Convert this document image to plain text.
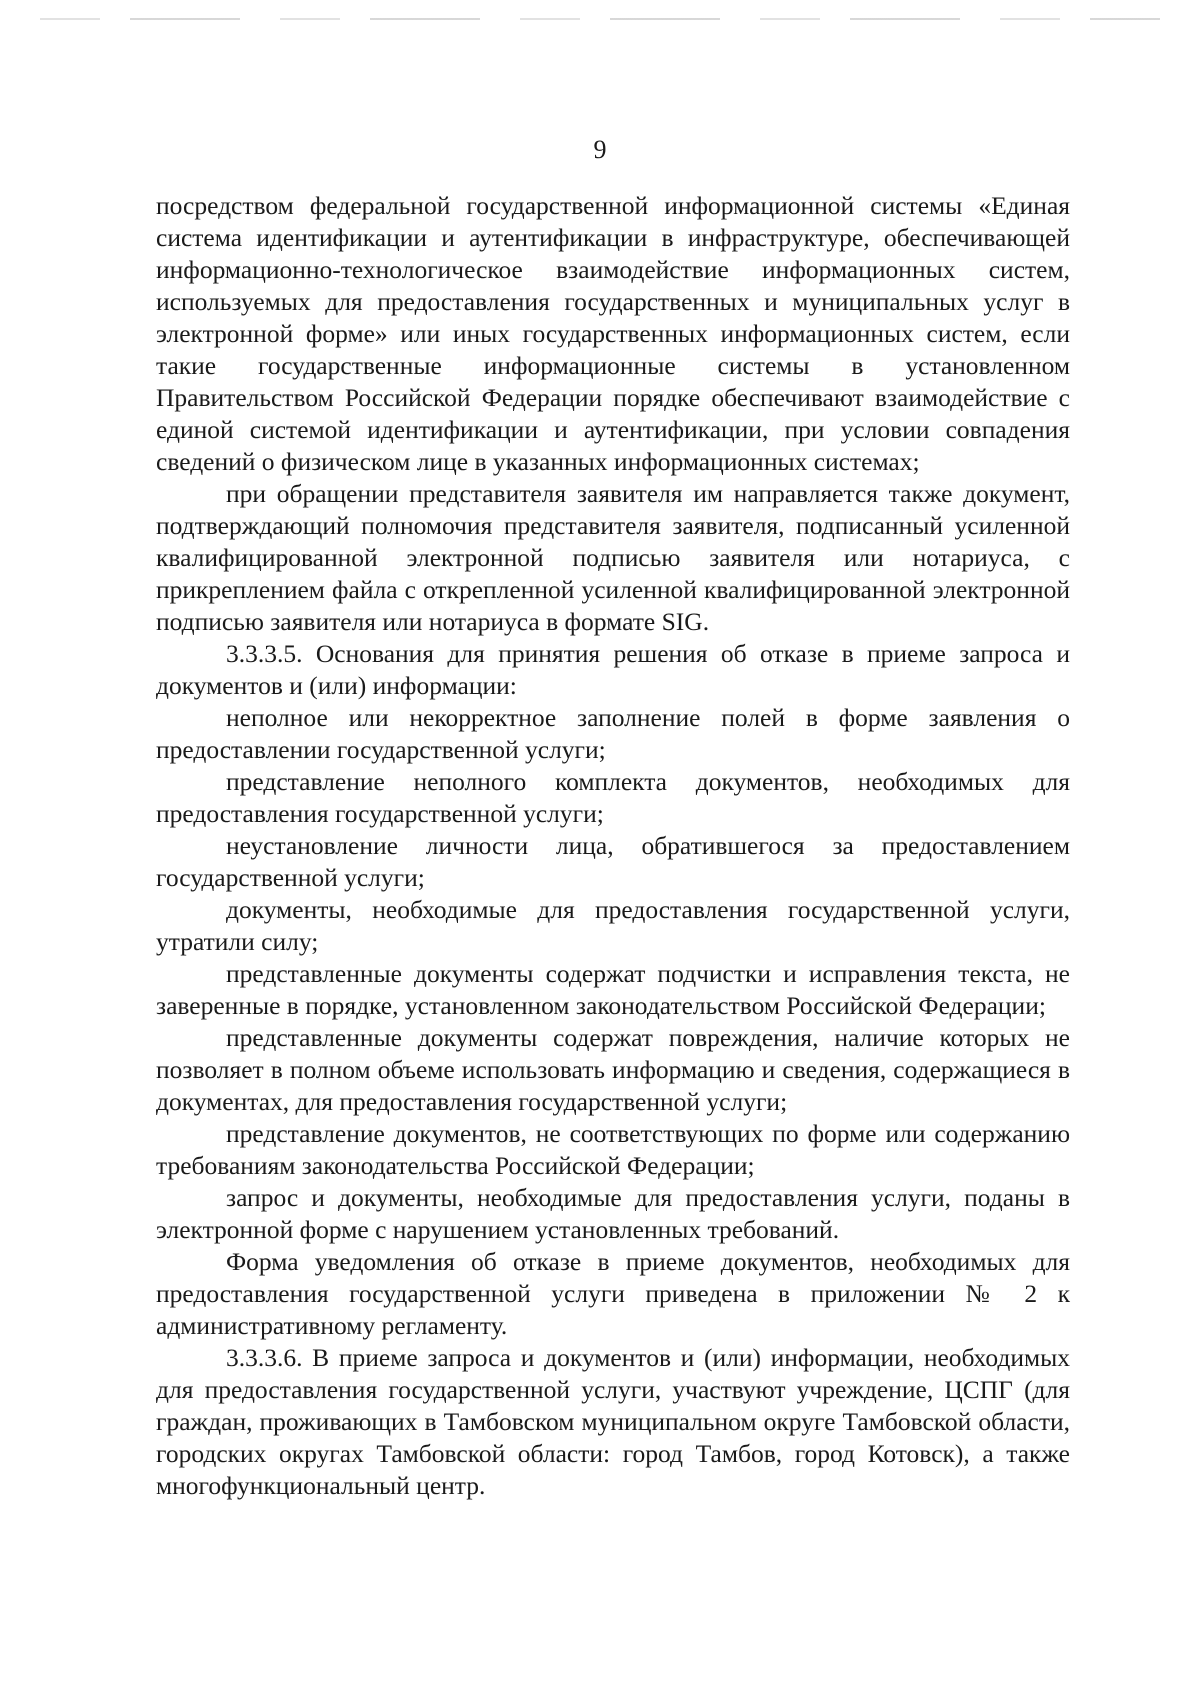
9

посредством федеральной государственной информационной системы «Единая система идентификации и аутентификации в инфраструктуре, обеспечивающей информационно-технологическое взаимодействие информационных систем, используемых для предоставления государственных и муниципальных услуг в электронной форме» или иных государственных информационных систем, если такие государственные информационные системы в установленном Правительством Российской Федерации порядке обеспечивают взаимодействие с единой системой идентификации и аутентификации, при условии совпадения сведений о физическом лице в указанных информационных системах;

при обращении представителя заявителя им направляется также документ, подтверждающий полномочия представителя заявителя, подписанный усиленной квалифицированной электронной подписью заявителя или нотариуса, с прикреплением файла с открепленной усиленной квалифицированной электронной подписью заявителя или нотариуса в формате SIG.

3.3.3.5. Основания для принятия решения об отказе в приеме запроса и документов и (или) информации:

неполное или некорректное заполнение полей в форме заявления о предоставлении государственной услуги;

представление неполного комплекта документов, необходимых для предоставления государственной услуги;

неустановление личности лица, обратившегося за предоставлением государственной услуги;

документы, необходимые для предоставления государственной услуги, утратили силу;

представленные документы содержат подчистки и исправления текста, не заверенные в порядке, установленном законодательством Российской Федерации;

представленные документы содержат повреждения, наличие которых не позволяет в полном объеме использовать информацию и сведения, содержащиеся в документах, для предоставления государственной услуги;

представление документов, не соответствующих по форме или содержанию требованиям законодательства Российской Федерации;

запрос и документы, необходимые для предоставления услуги, поданы в электронной форме с нарушением установленных требований.

Форма уведомления об отказе в приеме документов, необходимых для предоставления государственной услуги приведена в приложении № 2 к административному регламенту.

3.3.3.6. В приеме запроса и документов и (или) информации, необходимых для предоставления государственной услуги, участвуют учреждение, ЦСПГ (для граждан, проживающих в Тамбовском муниципальном округе Тамбовской области, городских округах Тамбовской области: город Тамбов, город Котовск), а также многофункциональный центр.
